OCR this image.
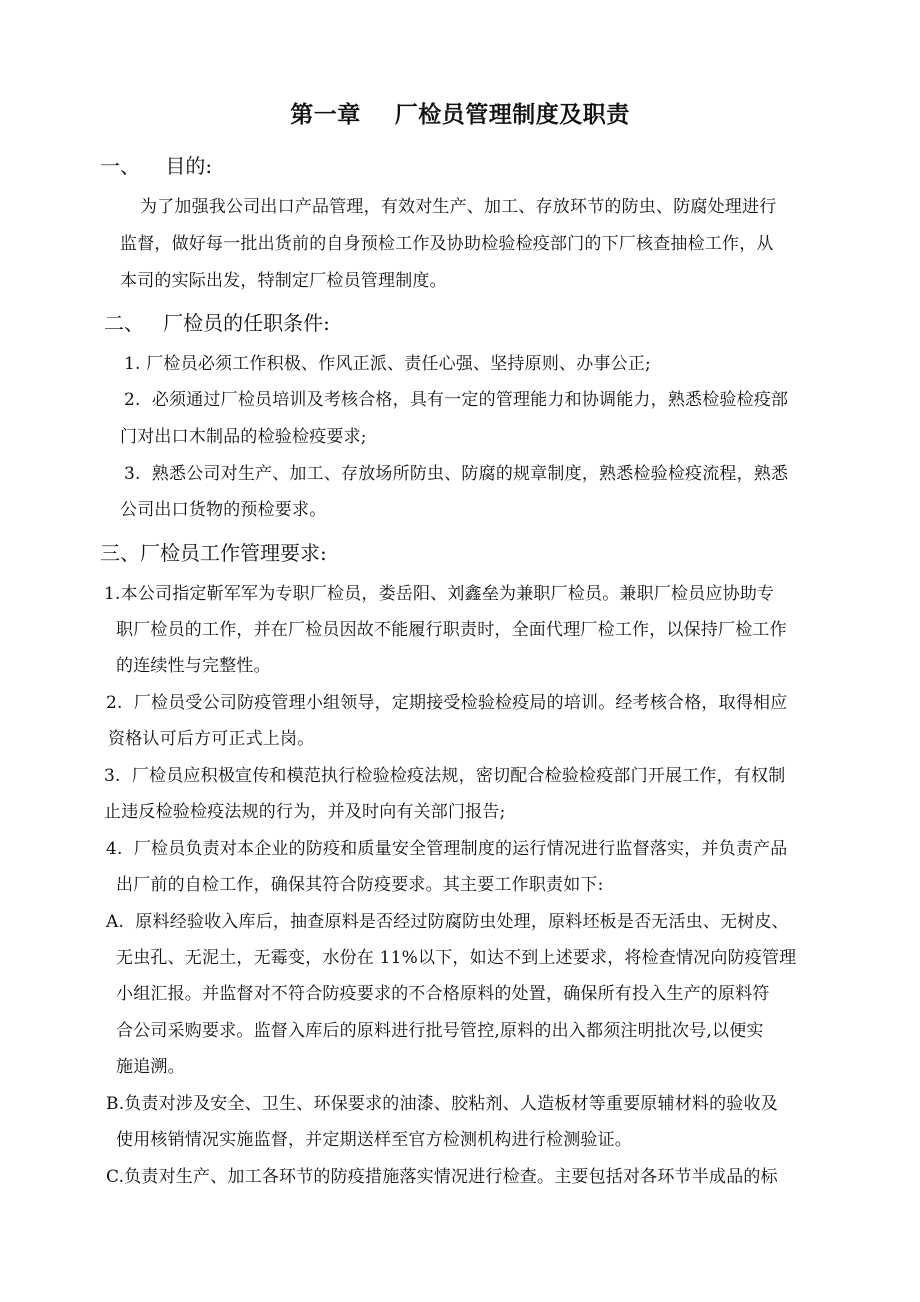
第一章    厂检员管理制度及职责
一、    目的:
为了加强我公司出口产品管理，有效对生产、加工、存放环节的防虫、防腐处理进行
监督，做好每一批出货前的自身预检工作及协助检验检疫部门的下厂核查抽检工作，从
本司的实际出发，特制定厂检员管理制度。
二、   厂检员的任职条件:
1. 厂检员必须工作积极、作风正派、责任心强、坚持原则、办事公正;
2.  必须通过厂检员培训及考核合格，具有一定的管理能力和协调能力，熟悉检验检疫部
门对出口木制品的检验检疫要求;
3.  熟悉公司对生产、加工、存放场所防虫、防腐的规章制度，熟悉检验检疫流程，熟悉
公司出口货物的预检要求。
三、厂检员工作管理要求:
1.本公司指定靳军军为专职厂检员，娄岳阳、刘鑫垒为兼职厂检员。兼职厂检员应协助专
职厂检员的工作，并在厂检员因故不能履行职责时，全面代理厂检工作，以保持厂检工作
的连续性与完整性。
2.  厂检员受公司防疫管理小组领导，定期接受检验检疫局的培训。经考核合格，取得相应
资格认可后方可正式上岗。
3.  厂检员应积极宣传和模范执行检验检疫法规，密切配合检验检疫部门开展工作，有权制
止违反检验检疫法规的行为，并及时向有关部门报告;
4.  厂检员负责对本企业的防疫和质量安全管理制度的运行情况进行监督落实，并负责产品
出厂前的自检工作，确保其符合防疫要求。其主要工作职责如下:
A.  原料经验收入库后，抽查原料是否经过防腐防虫处理，原料坯板是否无活虫、无树皮、
无虫孔、无泥土，无霉变，水份在 11%以下，如达不到上述要求，将检查情况向防疫管理
小组汇报。并监督对不符合防疫要求的不合格原料的处置，确保所有投入生产的原料符
合公司采购要求。监督入库后的原料进行批号管控,原料的出入都须注明批次号,以便实
施追溯。
B.负责对涉及安全、卫生、环保要求的油漆、胶粘剂、人造板材等重要原辅材料的验收及
使用核销情况实施监督，并定期送样至官方检测机构进行检测验证。
C.负责对生产、加工各环节的防疫措施落实情况进行检查。主要包括对各环节半成品的标
